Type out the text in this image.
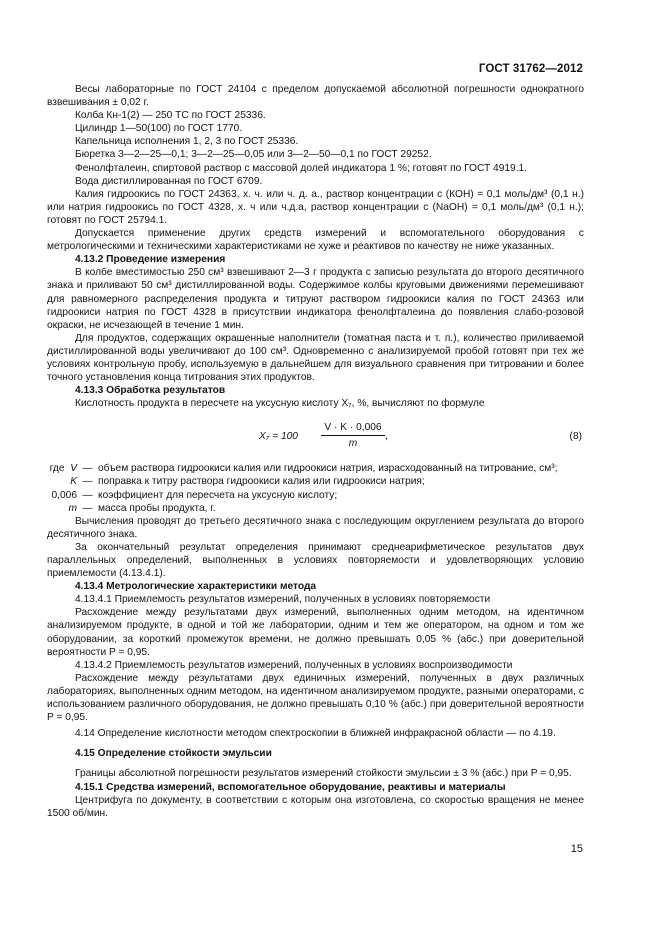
ГОСТ 31762—2012

Весы лабораторные по ГОСТ 24104 с пределом допускаемой абсолютной погрешности однократного взвешивания ± 0,02 г.

Колба Кн-1(2) — 250 ТС по ГОСТ 25336.

Цилиндр 1—50(100) по ГОСТ 1770.

Капельница исполнения 1, 2, 3 по ГОСТ 25336.

Бюретка 3—2—25—0,1; 3—2—25—0,05 или 3—2—50—0,1 по ГОСТ 29252.

Фенолфталеин, спиртовой раствор с массовой долей индикатора 1 %; готовят по ГОСТ 4919.1.

Вода дистиллированная по ГОСТ 6709.

Калия гидроокись по ГОСТ 24363, х. ч. или ч. д. а., раствор концентрации с (КОН) = 0,1 моль/дм³ (0,1 н.) или натрия гидроокись по ГОСТ 4328, х. ч или ч.д.а, раствор концентрации с (NaOH) = 0,1 моль/дм³ (0,1 н.); готовят по ГОСТ 25794.1.

Допускается применение других средств измерений и вспомогательного оборудования с метрологическими и техническими характеристиками не хуже и реактивов по качеству не ниже указанных.

4.13.2 Проведение измерения

В колбе вместимостью 250 см³ взвешивают 2—3 г продукта с записью результата до второго десятичного знака и приливают 50 см³ дистиллированной воды. Содержимое колбы круговыми движениями перемешивают для равномерного распределения продукта и титруют раствором гидроокиси калия по ГОСТ 24363 или гидроокиси натрия по ГОСТ 4328 в присутствии индикатора фенолфталеина до появления слабо-розовой окраски, не исчезающей в течение 1 мин.

Для продуктов, содержащих окрашенные наполнители (томатная паста и т. п.), количество приливаемой дистиллированной воды увеличивают до 100 см³. Одновременно с анализируемой пробой готовят при тех же условиях контрольную пробу, используемую в дальнейшем для визуального сравнения при титровании и более точного установления конца титрования этих продуктов.

4.13.3 Обработка результатов

Кислотность продукта в пересчете на уксусную кислоту X₇, %, вычисляют по формуле

$X_7 = 100 \frac{V \cdot K \cdot 0,006}{m}$ ,	(8)
где V — объем раствора гидроокиси калия или гидроокиси натрия, израсходованный на титрование, см³;
K — поправка к титру раствора гидроокиси калия или гидроокиси натрия;
0,006 — коэффициент для пересчета на уксусную кислоту;
m — масса пробы продукта, г.

Вычисления проводят до третьего десятичного знака с последующим округлением результата до второго десятичного знака.

За окончательный результат определения принимают среднеарифметическое результатов двух параллельных определений, выполненных в условиях повторяемости и удовлетворяющих условию приемлемости (4.13.4.1).

4.13.4 Метрологические характеристики метода

4.13.4.1 Приемлемость результатов измерений, полученных в условиях повторяемости

Расхождение между результатами двух измерений, выполненных одним методом, на идентичном анализируемом продукте, в одной и той же лаборатории, одним и тем же оператором, на одном и том же оборудовании, за короткий промежуток времени, не должно превышать 0,05 % (абс.) при доверительной вероятности P = 0,95.

4.13.4.2 Приемлемость результатов измерений, полученных в условиях воспроизводимости

Расхождение между результатами двух единичных измерений, полученных в двух различных лабораториях, выполненных одним методом, на идентичном анализируемом продукте, разными операторами, с использованием различного оборудования, не должно превышать 0,10 % (абс.) при доверительной вероятности P = 0,95.

4.14 Определение кислотности методом спектроскопии в ближней инфракрасной области — по 4.19.

4.15 Определение стойкости эмульсии

Границы абсолютной погрешности результатов измерений стойкости эмульсии ± 3 % (абс.) при P = 0,95.

4.15.1 Средства измерений, вспомогательное оборудование, реактивы и материалы

Центрифуга по документу, в соответствии с которым она изготовлена, со скоростью вращения не менее 1500 об/мин.

15
